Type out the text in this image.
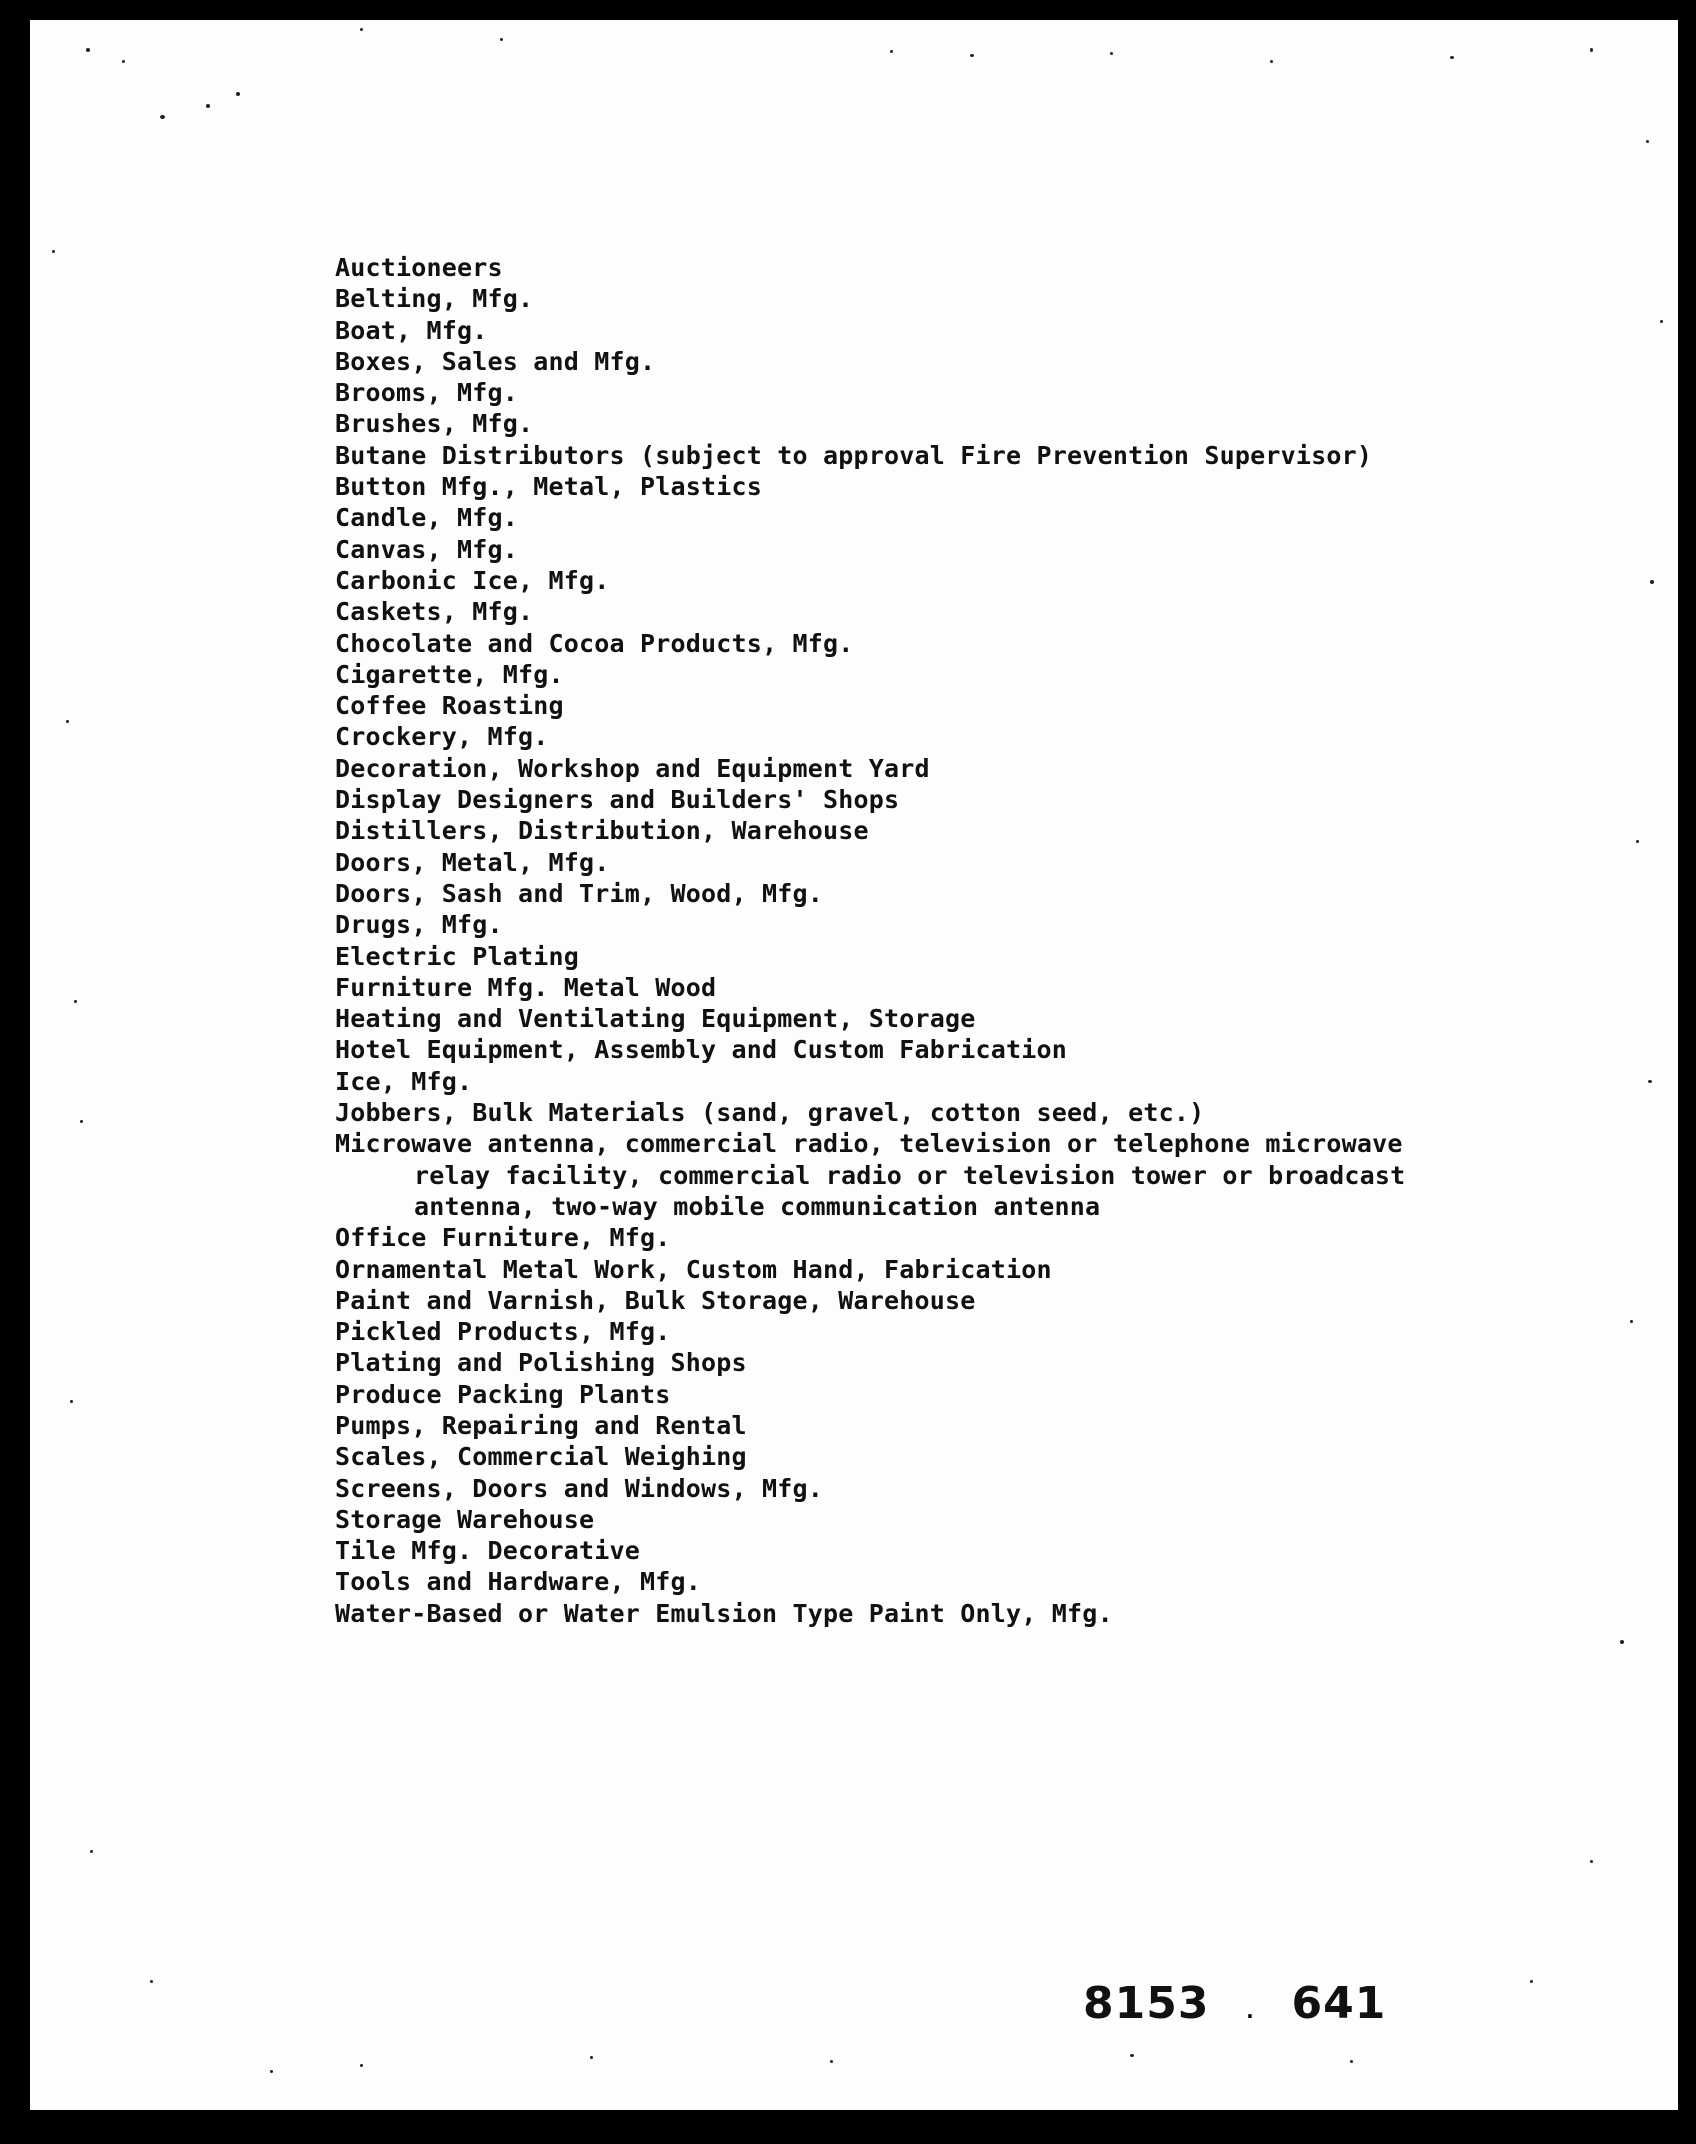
Auctioneers
Belting, Mfg.
Boat, Mfg.
Boxes, Sales and Mfg.
Brooms, Mfg.
Brushes, Mfg.
Butane Distributors (subject to approval Fire Prevention Supervisor)
Button Mfg., Metal, Plastics
Candle, Mfg.
Canvas, Mfg.
Carbonic Ice, Mfg.
Caskets, Mfg.
Chocolate and Cocoa Products, Mfg.
Cigarette, Mfg.
Coffee Roasting
Crockery, Mfg.
Decoration, Workshop and Equipment Yard
Display Designers and Builders' Shops
Distillers, Distribution, Warehouse
Doors, Metal, Mfg.
Doors, Sash and Trim, Wood, Mfg.
Drugs, Mfg.
Electric Plating
Furniture Mfg. Metal Wood
Heating and Ventilating Equipment, Storage
Hotel Equipment, Assembly and Custom Fabrication
Ice, Mfg.
Jobbers, Bulk Materials (sand, gravel, cotton seed, etc.)
Microwave antenna, commercial radio, television or telephone microwave
relay facility, commercial radio or television tower or broadcast
antenna, two-way mobile communication antenna
Office Furniture, Mfg.
Ornamental Metal Work, Custom Hand, Fabrication
Paint and Varnish, Bulk Storage, Warehouse
Pickled Products, Mfg.
Plating and Polishing Shops
Produce Packing Plants
Pumps, Repairing and Rental
Scales, Commercial Weighing
Screens, Doors and Windows, Mfg.
Storage Warehouse
Tile Mfg. Decorative
Tools and Hardware, Mfg.
Water-Based or Water Emulsion Type Paint Only, Mfg.
8153 . 641
